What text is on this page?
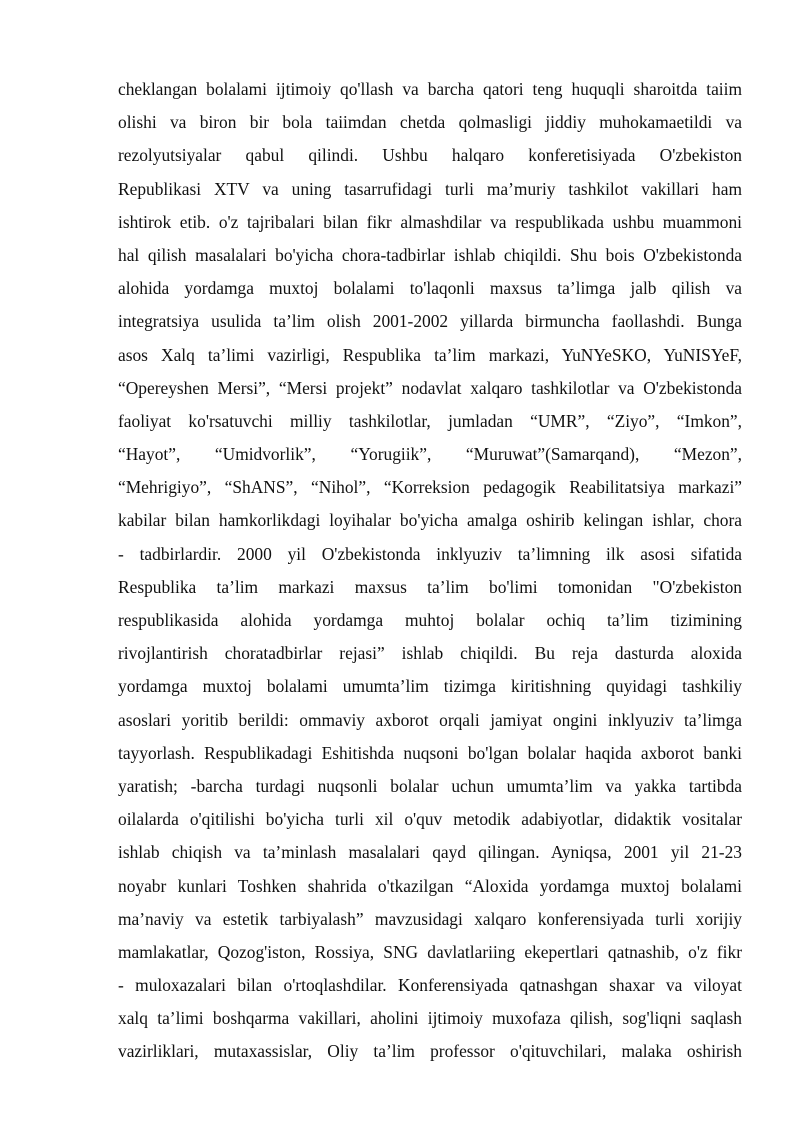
cheklangan bolalami ijtimoiy qo'llash va barcha qatori teng huquqli sharoitda taiim
olishi va biron bir bola taiimdan chetda qolmasligi jiddiy muhokamaetildi va
rezolyutsiyalar qabul qilindi. Ushbu halqaro konferetisiyada O'zbekiston
Republikasi XTV va uning tasarrufidagi turli ma’muriy tashkilot vakillari ham
ishtirok etib. o'z tajribalari bilan fikr almashdilar va respublikada ushbu muammoni
hal qilish masalalari bo'yicha chora-tadbirlar ishlab chiqildi. Shu bois O'zbekistonda
alohida yordamga muxtoj bolalami to'laqonli maxsus ta’limga jalb qilish va
integratsiya usulida ta’lim olish 2001-2002 yillarda birmuncha faollashdi. Bunga
asos Xalq ta’limi vazirligi, Respublika ta’lim markazi, YuNYeSKO, YuNISYeF,
“Opereyshen Mersi”, “Mersi projekt” nodavlat xalqaro tashkilotlar va O'zbekistonda
faoliyat ko'rsatuvchi milliy tashkilotlar, jumladan “UMR”, “Ziyo”, “Imkon”,
“Hayot”, “Umidvorlik”, “Yorugiik”, “Muruwat”(Samarqand), “Mezon”,
“Mehrigiyo”, “ShANS”, “Nihol”, “Korreksion pedagogik Reabilitatsiya markazi”
kabilar bilan hamkorlikdagi loyihalar bo'yicha amalga oshirib kelingan ishlar, chora
- tadbirlardir. 2000 yil O'zbekistonda inklyuziv ta’limning ilk asosi sifatida
Respublika ta’lim markazi maxsus ta’lim bo'limi tomonidan "O'zbekiston
respublikasida alohida yordamga muhtoj bolalar ochiq ta’lim tizimining
rivojlantirish choratadbirlar rejasi” ishlab chiqildi. Bu reja dasturda aloxida
yordamga muxtoj bolalami umumta’lim tizimga kiritishning quyidagi tashkiliy
asoslari yoritib berildi: ommaviy axborot orqali jamiyat ongini inklyuziv ta’limga
tayyorlash. Respublikadagi Eshitishda nuqsoni bo'lgan bolalar haqida axborot banki
yaratish; -barcha turdagi nuqsonli bolalar uchun umumta’lim va yakka tartibda
oilalarda o'qitilishi bo'yicha turli xil o'quv metodik adabiyotlar, didaktik vositalar
ishlab chiqish va ta’minlash masalalari qayd qilingan. Ayniqsa, 2001 yil 21-23
noyabr kunlari Toshken shahrida o'tkazilgan “Aloxida yordamga muxtoj bolalami
ma’naviy va estetik tarbiyalash” mavzusidagi xalqaro konferensiyada turli xorijiy
mamlakatlar, Qozog'iston, Rossiya, SNG davlatlariing ekepertlari qatnashib, o'z fikr
- muloxazalari bilan o'rtoqlashdilar. Konferensiyada qatnashgan shaxar va viloyat
xalq ta’limi boshqarma vakillari, aholini ijtimoiy muxofaza qilish, sog'liqni saqlash
vazirliklari, mutaxassislar, Oliy ta’lim professor o'qituvchilari, malaka oshirish
